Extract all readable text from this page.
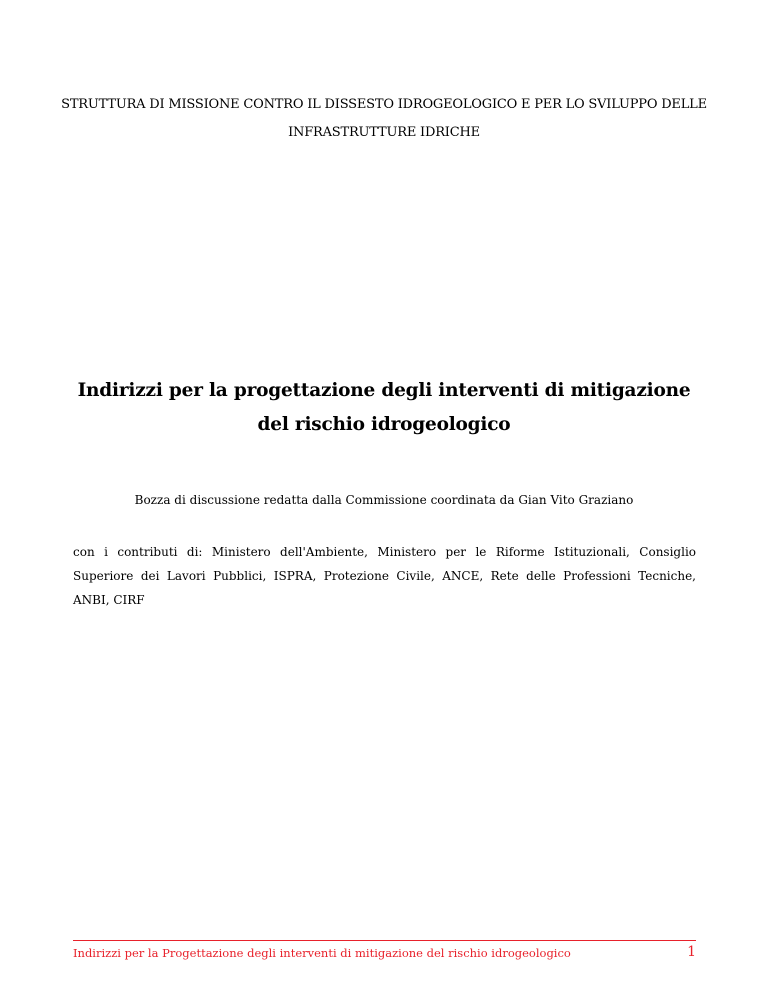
STRUTTURA DI MISSIONE CONTRO IL DISSESTO IDROGEOLOGICO E PER LO SVILUPPO DELLE INFRASTRUTTURE IDRICHE
Indirizzi per la progettazione degli interventi di mitigazione del rischio idrogeologico
Bozza di discussione redatta dalla Commissione coordinata da Gian Vito Graziano
con i contributi di: Ministero dell'Ambiente, Ministero per le Riforme Istituzionali, Consiglio Superiore dei Lavori Pubblici, ISPRA, Protezione Civile, ANCE, Rete delle Professioni Tecniche, ANBI, CIRF
Indirizzi per la Progettazione degli interventi di mitigazione del rischio idrogeologico	1
